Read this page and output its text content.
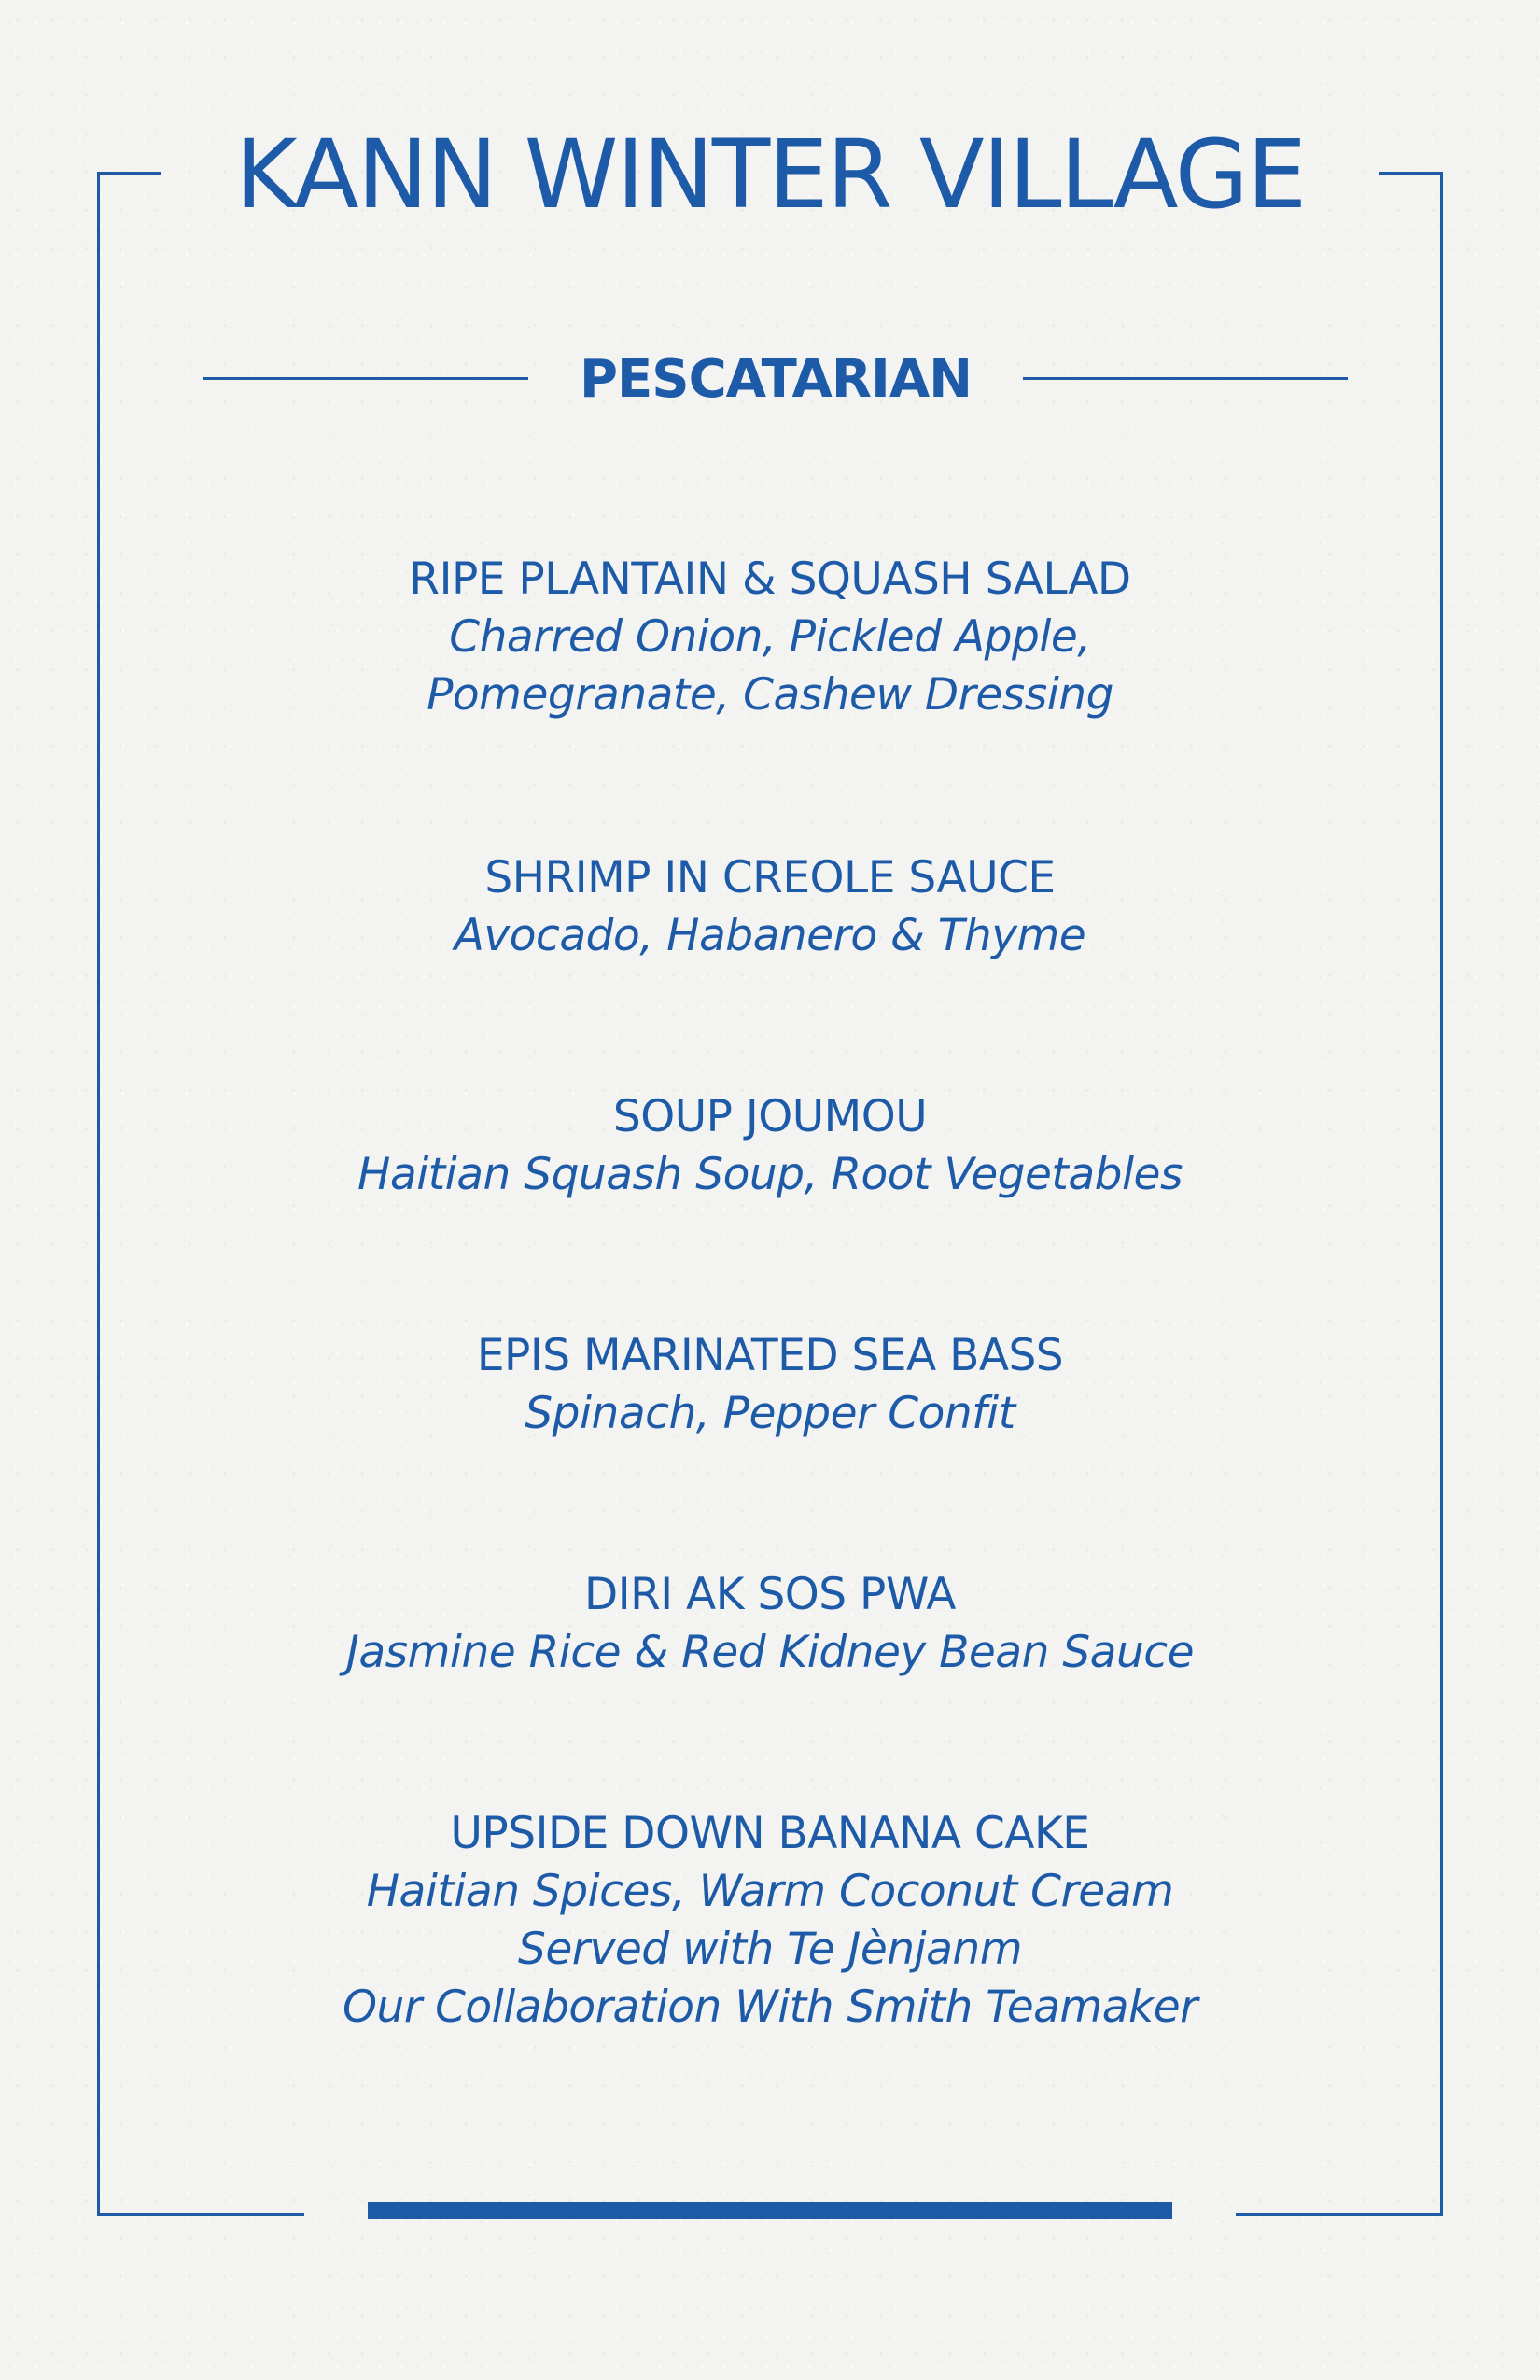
KANN WINTER VILLAGE
PESCATARIAN
RIPE PLANTAIN & SQUASH SALAD
Charred Onion, Pickled Apple,
Pomegranate, Cashew Dressing
SHRIMP IN CREOLE SAUCE
Avocado, Habanero & Thyme
SOUP JOUMOU
Haitian Squash Soup, Root Vegetables
EPIS MARINATED SEA BASS
Spinach, Pepper Confit
DIRI AK SOS PWA
Jasmine Rice & Red Kidney Bean Sauce
UPSIDE DOWN BANANA CAKE
Haitian Spices, Warm Coconut Cream
Served with Te Jènjanm
Our Collaboration With Smith Teamaker
